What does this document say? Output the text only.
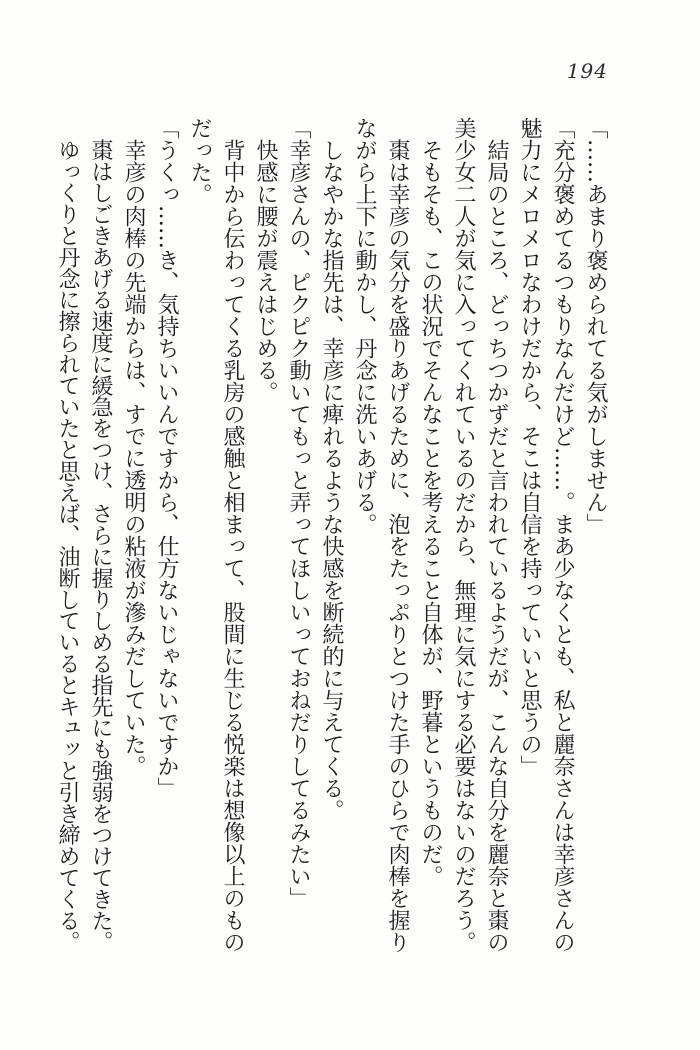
194

「……あまり褒められてる気がしません」

「充分褒めてるつもりなんだけど……。まあ少なくとも、私と麗奈さんは幸彦さんの魅力にメロメロなわけだから、そこは自信を持っていいと思うの」

結局のところ、どっちつかずだと言われているようだが、こんな自分を麗奈と棗の美少女二人が気に入ってくれているのだから、無理に気にする必要はないのだろう。

そもそも、この状況でそんなことを考えること自体が、野暮というものだ。

棗は幸彦の気分を盛りあげるために、泡をたっぷりとつけた手のひらで肉棒を握りながら上下に動かし、丹念に洗いあげる。

しなやかな指先は、幸彦に痺れるような快感を断続的に与えてくる。

「幸彦さんの、ピクピク動いてもっと弄ってほしいっておねだりしてるみたい」

快感に腰が震えはじめる。

背中から伝わってくる乳房の感触と相まって、股間に生じる悦楽は想像以上のものだった。

「うくっ……き、気持ちいいんですから、仕方ないじゃないですか」

幸彦の肉棒の先端からは、すでに透明の粘液が滲みだしていた。

棗はしごきあげる速度に緩急をつけ、さらに握りしめる指先にも強弱をつけてきた。

ゆっくりと丹念に擦られていたと思えば、油断しているとキュッと引き締めてくる。
